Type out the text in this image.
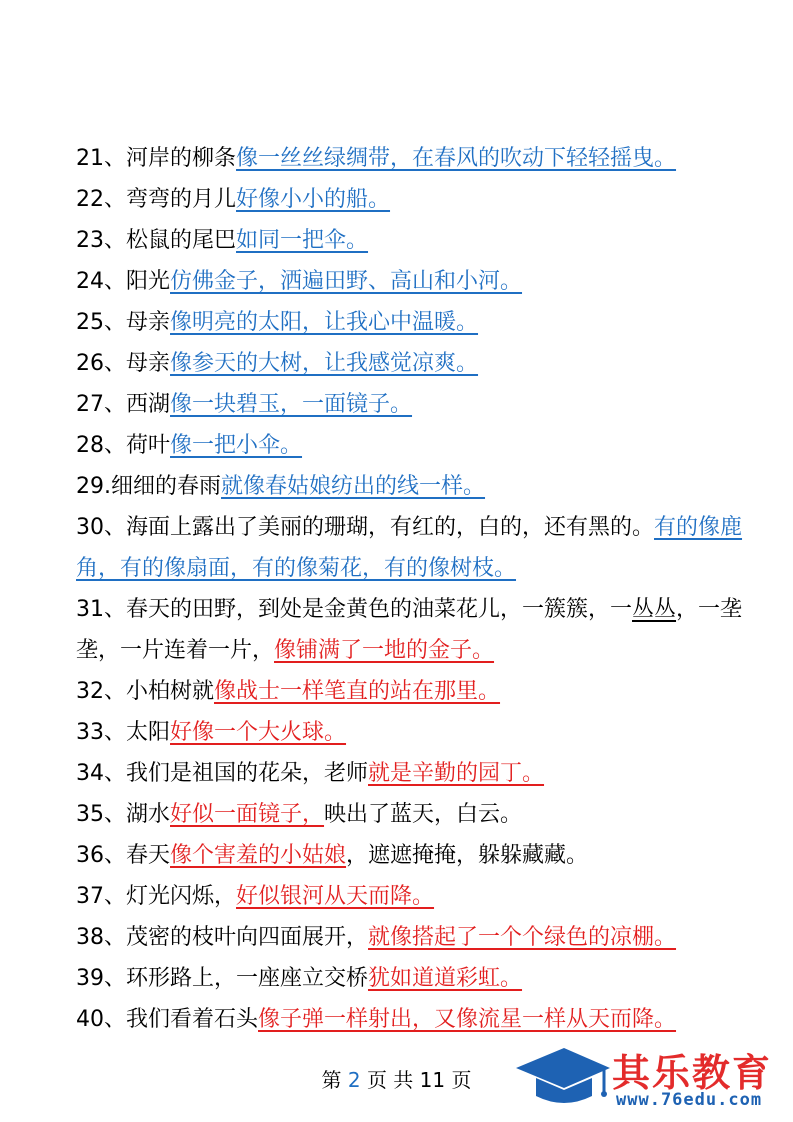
21、河岸的柳条像一丝丝绿绸带，在春风的吹动下轻轻摇曳。
22、弯弯的月儿好像小小的船。
23、松鼠的尾巴如同一把伞。
24、阳光仿佛金子，洒遍田野、高山和小河。
25、母亲像明亮的太阳，让我心中温暖。
26、母亲像参天的大树，让我感觉凉爽。
27、西湖像一块碧玉，一面镜子。
28、荷叶像一把小伞。
29.细细的春雨就像春姑娘纺出的线一样。
30、海面上露出了美丽的珊瑚，有红的，白的，还有黑的。有的像鹿角，有的像扇面，有的像菊花，有的像树枝。
31、春天的田野，到处是金黄色的油菜花儿，一簇簇，一丛丛，一垄垄，一片连着一片，像铺满了一地的金子。
32、小柏树就像战士一样笔直的站在那里。
33、太阳好像一个大火球。
34、我们是祖国的花朵，老师就是辛勤的园丁。
35、湖水好似一面镜子，映出了蓝天，白云。
36、春天像个害羞的小姑娘，遮遮掩掩，躲躲藏藏。
37、灯光闪烁，好似银河从天而降。
38、茂密的枝叶向四面展开，就像搭起了一个个绿色的凉棚。
39、环形路上，一座座立交桥犹如道道彩虹。
40、我们看着石头像子弹一样射出，又像流星一样从天而降。
第 2 页 共 11 页	其乐教育
www.76edu.com
